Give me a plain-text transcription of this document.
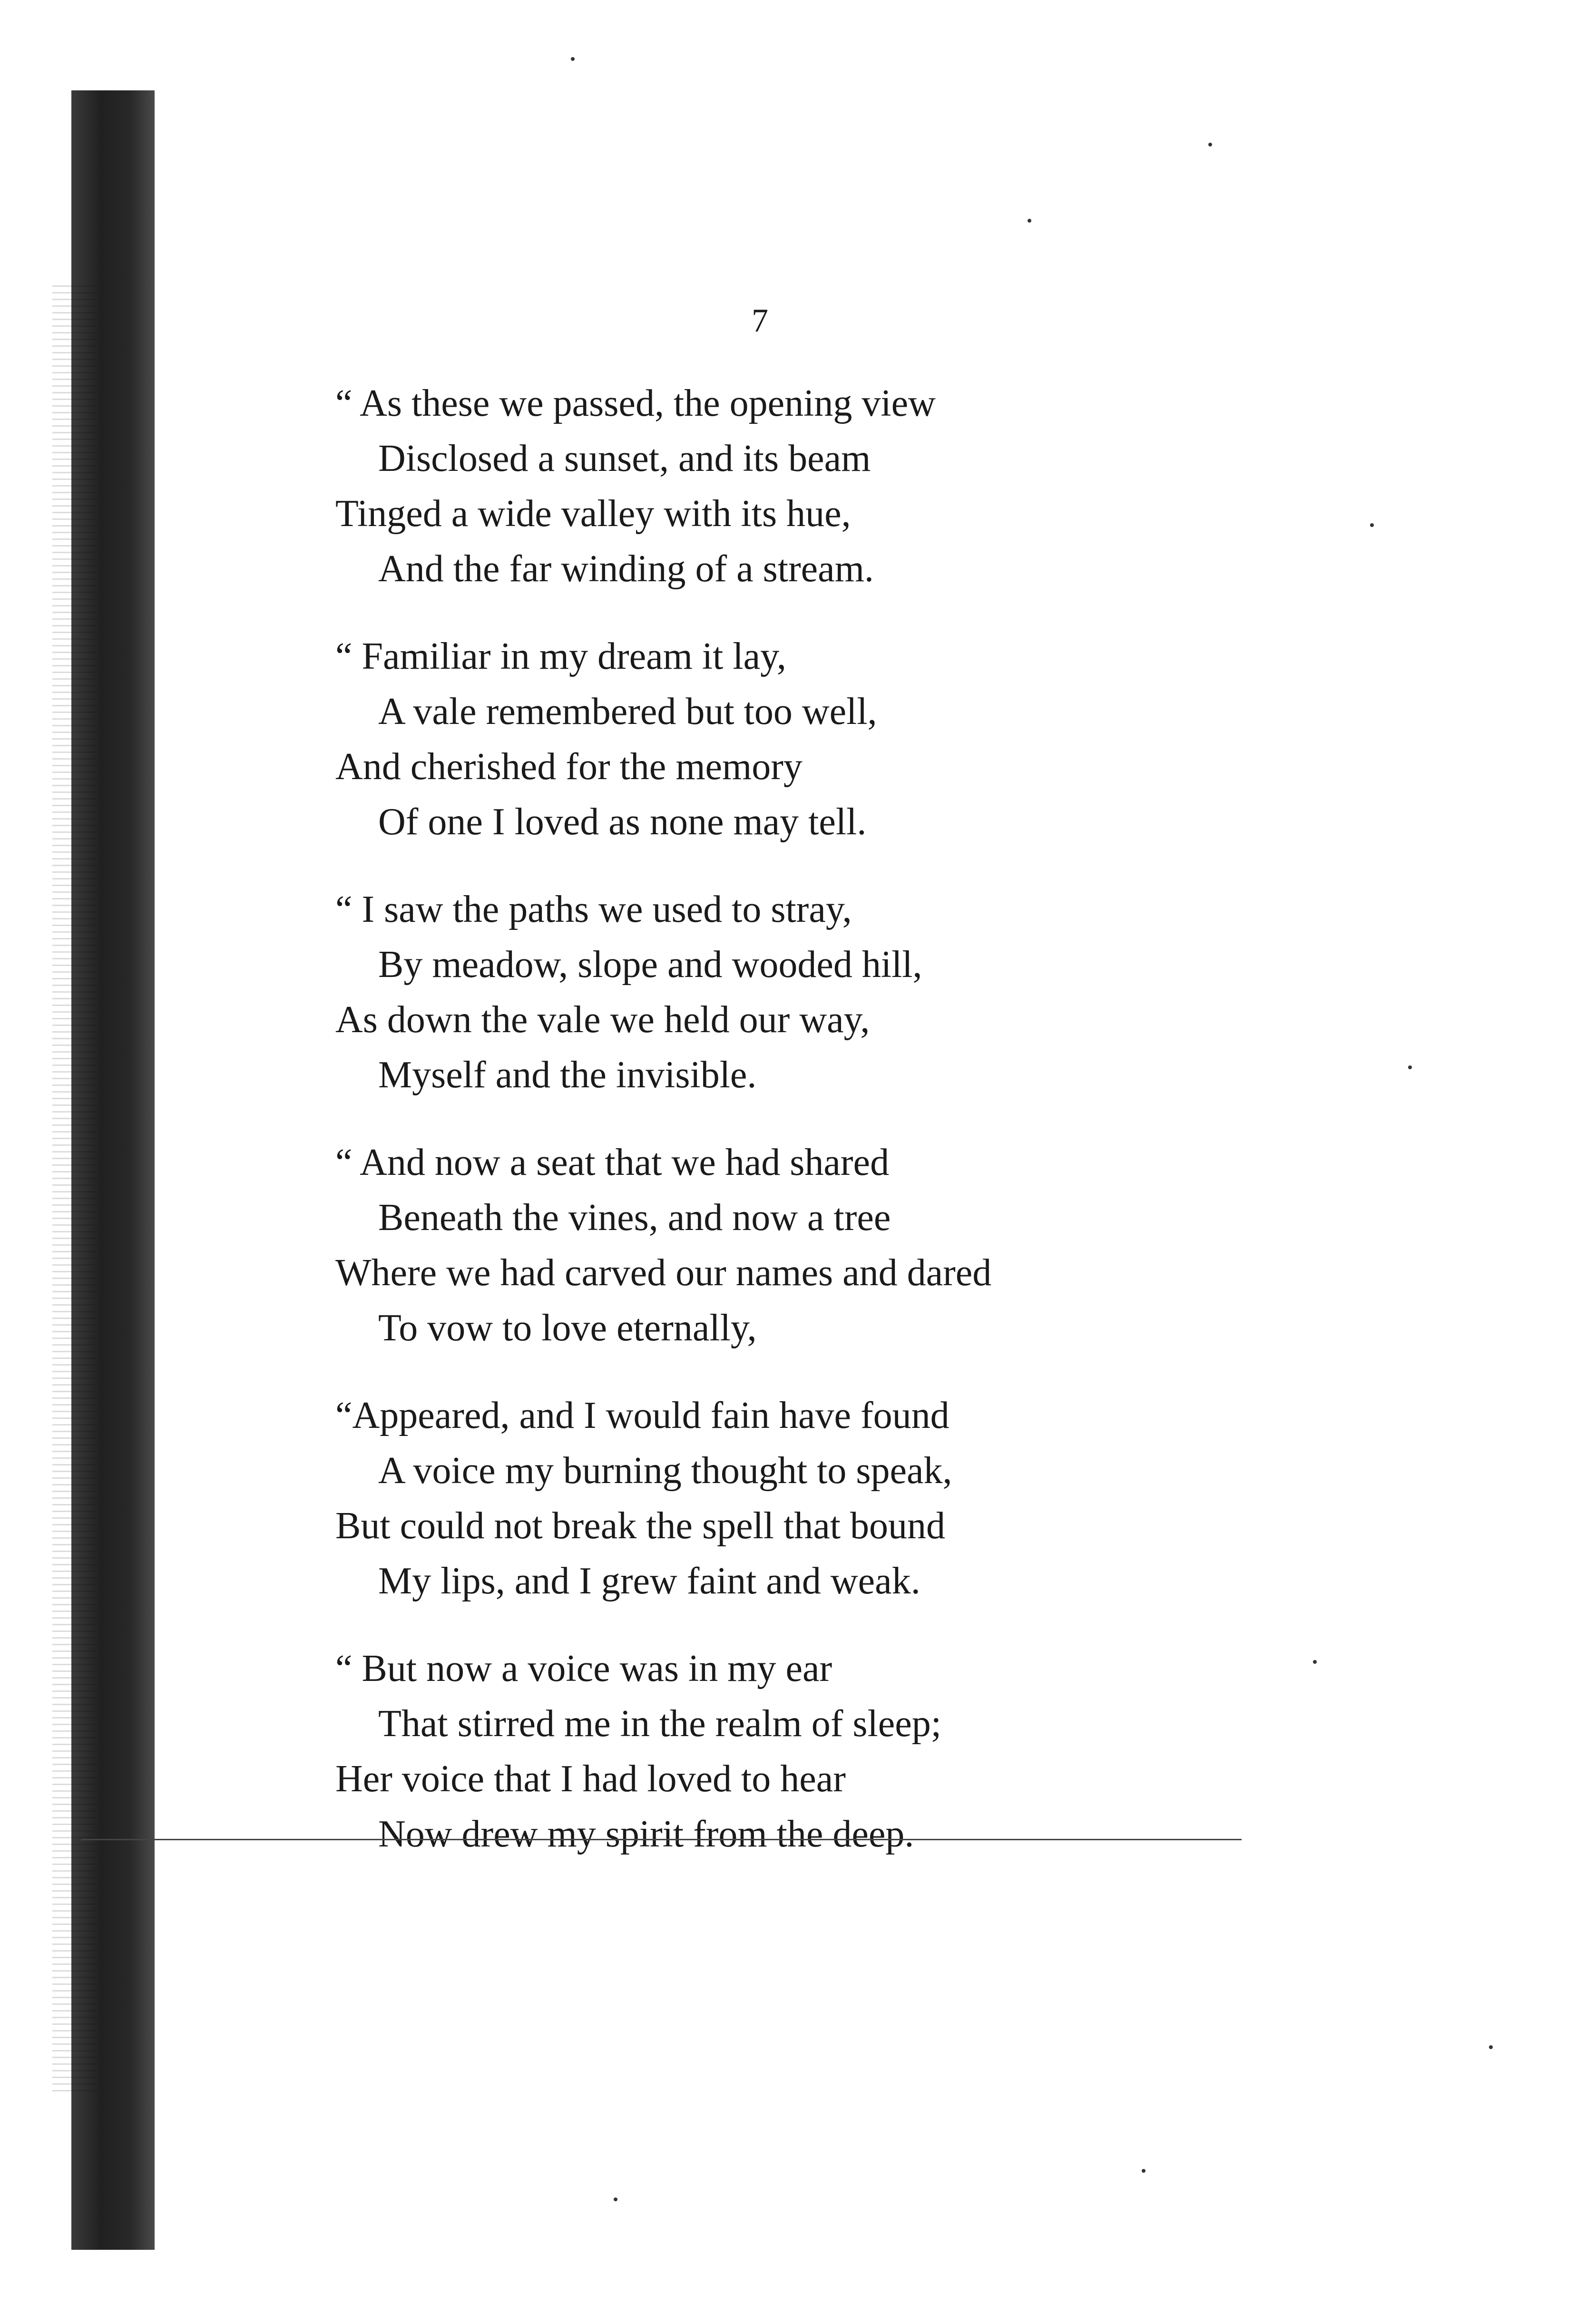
7
“ As these we passed, the opening view
Disclosed a sunset, and its beam
Tinged a wide valley with its hue,
And the far winding of a stream.
“ Familiar in my dream it lay,
A vale remembered but too well,
And cherished for the memory
Of one I loved as none may tell.
“ I saw the paths we used to stray,
By meadow, slope and wooded hill,
As down the vale we held our way,
Myself and the invisible.
“ And now a seat that we had shared
Beneath the vines, and now a tree
Where we had carved our names and dared
To vow to love eternally,
“Appeared, and I would fain have found
A voice my burning thought to speak,
But could not break the spell that bound
My lips, and I grew faint and weak.
“ But now a voice was in my ear
That stirred me in the realm of sleep;
Her voice that I had loved to hear
Now drew my spirit from the deep.
